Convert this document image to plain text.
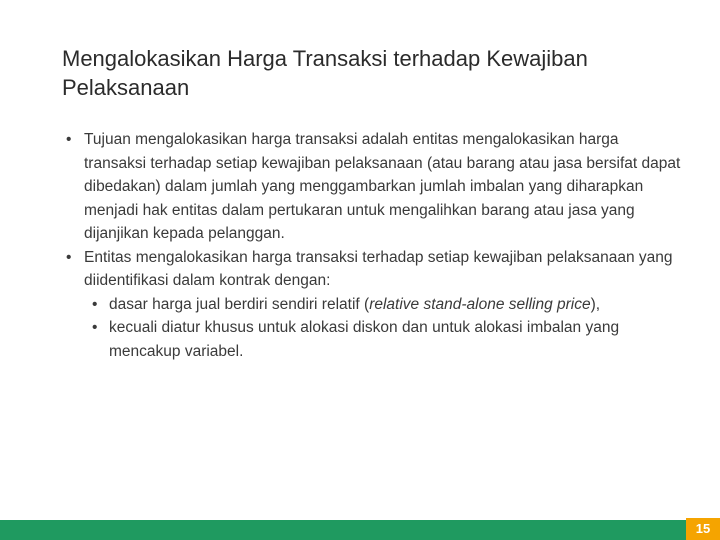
Mengalokasikan Harga Transaksi terhadap Kewajiban Pelaksanaan
• Tujuan mengalokasikan harga transaksi adalah entitas mengalokasikan harga transaksi terhadap setiap kewajiban pelaksanaan (atau barang atau jasa bersifat dapat dibedakan) dalam jumlah yang menggambarkan jumlah imbalan yang diharapkan menjadi hak entitas dalam pertukaran untuk mengalihkan barang atau jasa yang dijanjikan kepada pelanggan.
• Entitas mengalokasikan harga transaksi terhadap setiap kewajiban pelaksanaan yang diidentifikasi dalam kontrak dengan:
• dasar harga jual berdiri sendiri relatif (relative stand-alone selling price),
• kecuali diatur khusus untuk alokasi diskon dan untuk alokasi imbalan yang mencakup variabel.
15
